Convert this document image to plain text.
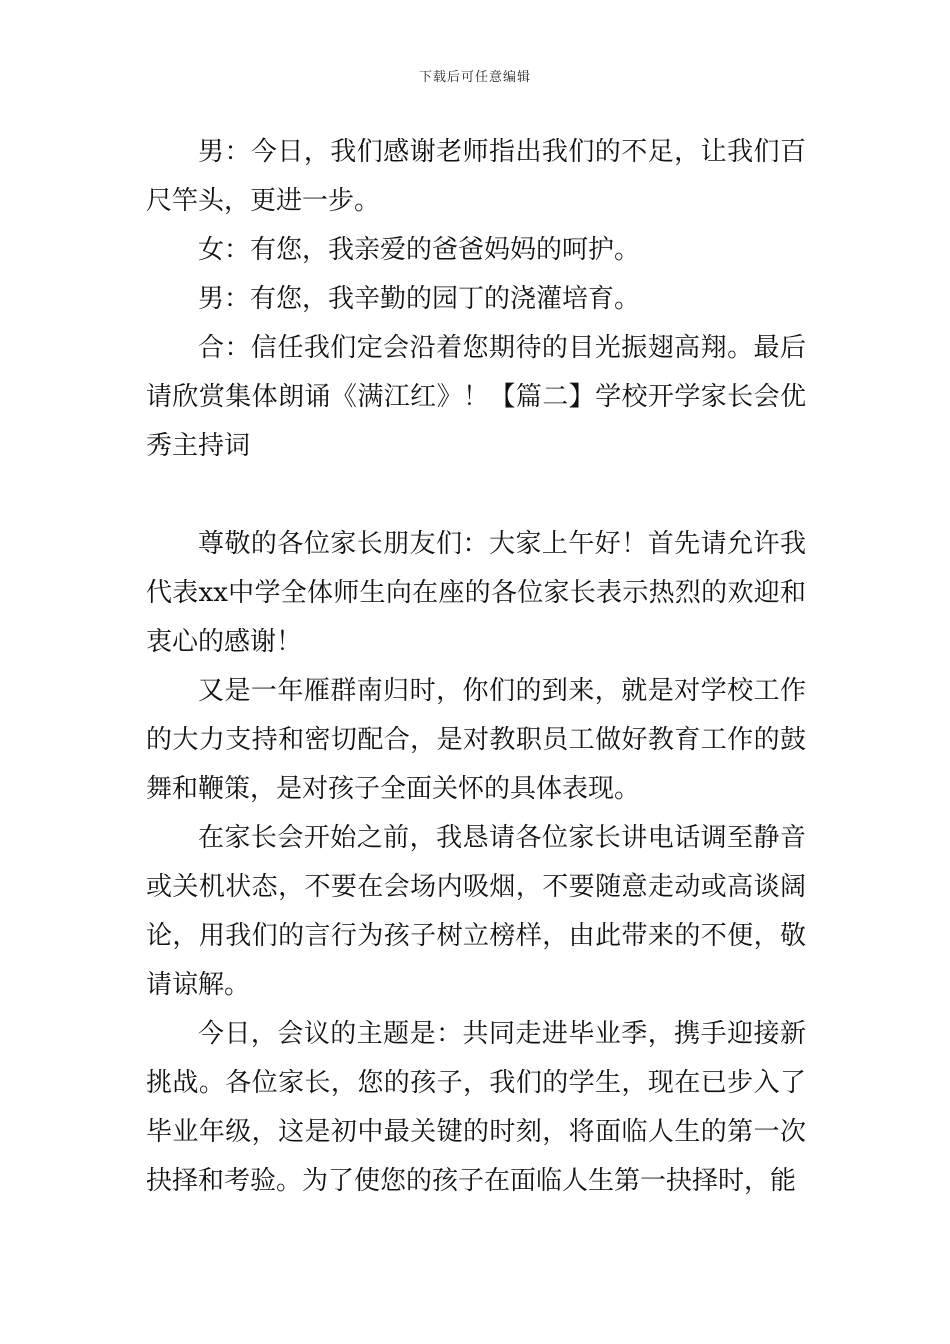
下载后可任意编辑

男：今日，我们感谢老师指出我们的不足，让我们百尺竿头，更进一步。

女：有您，我亲爱的爸爸妈妈的呵护。

男：有您，我辛勤的园丁的浇灌培育。

合：信任我们定会沿着您期待的目光振翅高翔。最后请欣赏集体朗诵《满江红》！【篇二】学校开学家长会优秀主持词

尊敬的各位家长朋友们：大家上午好！首先请允许我代表xx中学全体师生向在座的各位家长表示热烈的欢迎和衷心的感谢！

又是一年雁群南归时，你们的到来，就是对学校工作的大力支持和密切配合，是对教职员工做好教育工作的鼓舞和鞭策，是对孩子全面关怀的具体表现。

在家长会开始之前，我恳请各位家长讲电话调至静音或关机状态，不要在会场内吸烟，不要随意走动或高谈阔论，用我们的言行为孩子树立榜样，由此带来的不便，敬请谅解。

今日，会议的主题是：共同走进毕业季，携手迎接新挑战。各位家长，您的孩子，我们的学生，现在已步入了毕业年级，这是初中最关键的时刻，将面临人生的第一次抉择和考验。为了使您的孩子在面临人生第一抉择时，能
